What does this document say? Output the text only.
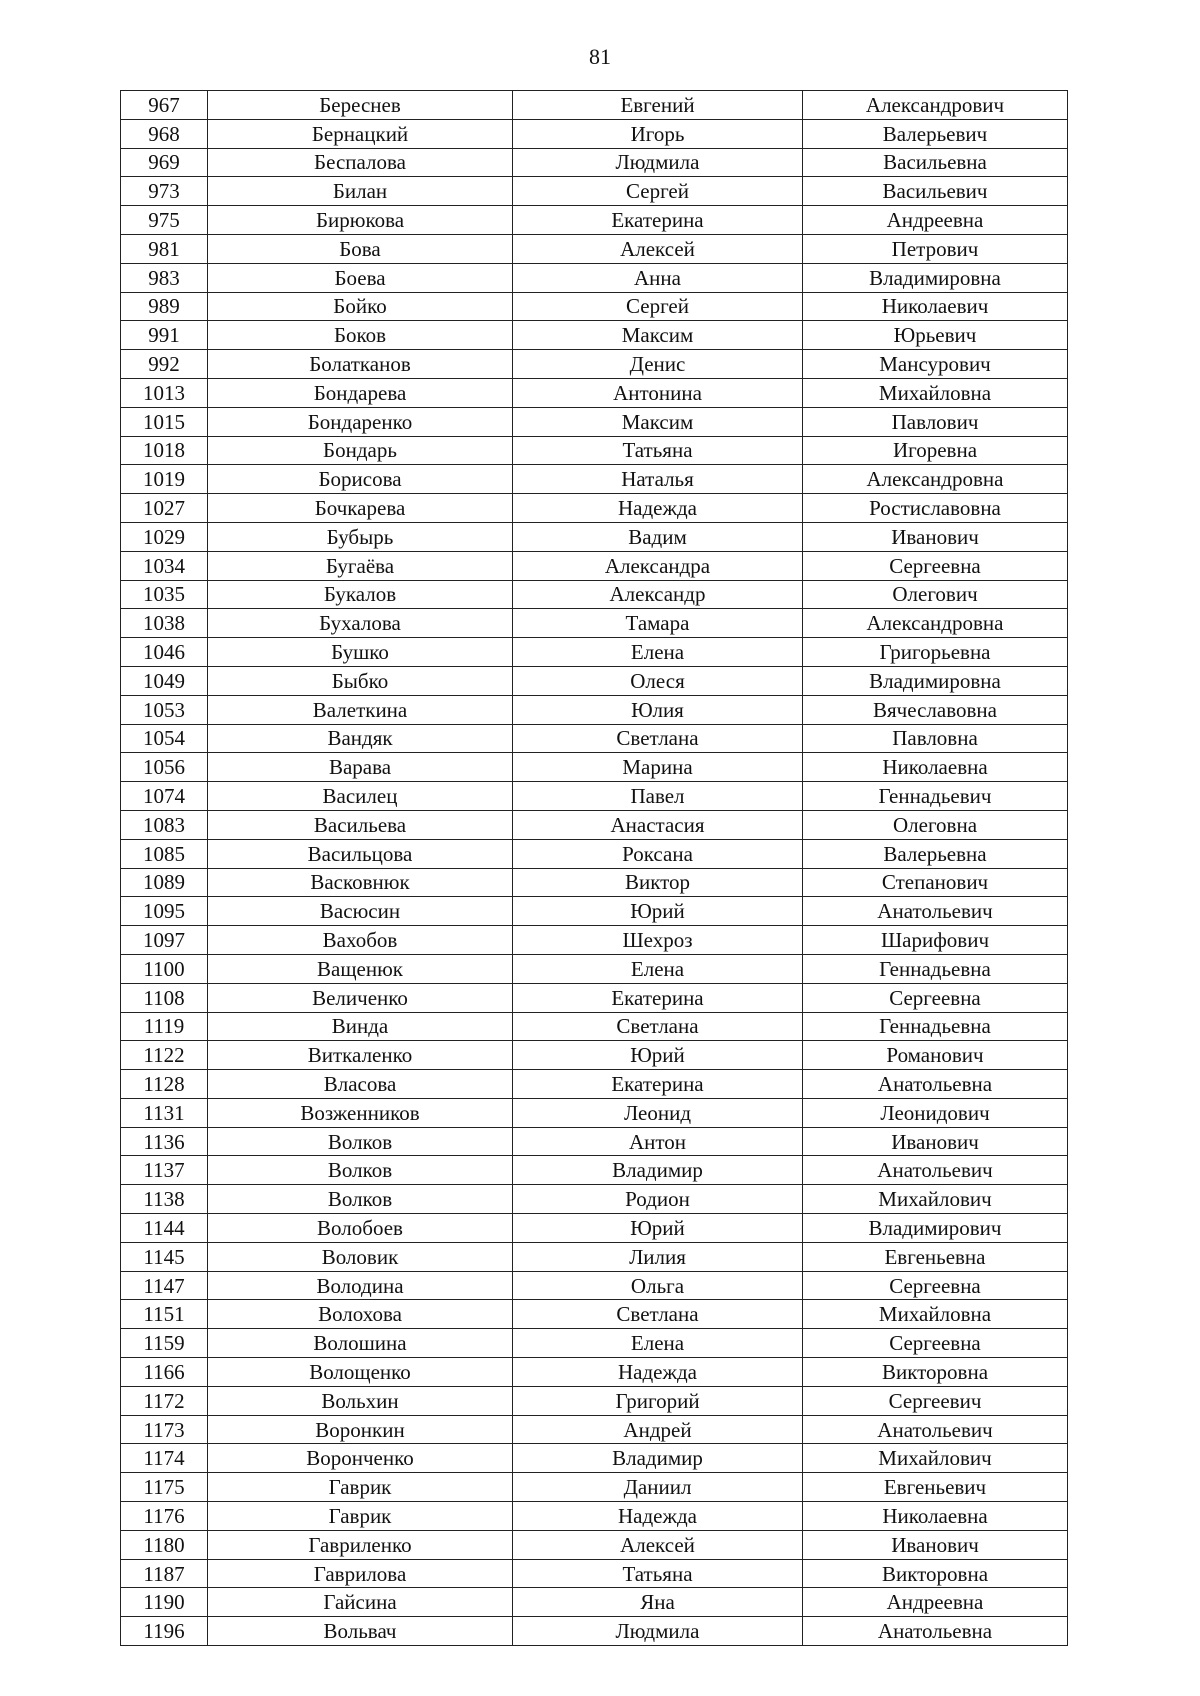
81
967	Береснев	Евгений	Александрович
968	Бернацкий	Игорь	Валерьевич
969	Беспалова	Людмила	Васильевна
973	Билан	Сергей	Васильевич
975	Бирюкова	Екатерина	Андреевна
981	Бова	Алексей	Петрович
983	Боева	Анна	Владимировна
989	Бойко	Сергей	Николаевич
991	Боков	Максим	Юрьевич
992	Болатканов	Денис	Мансурович
1013	Бондарева	Антонина	Михайловна
1015	Бондаренко	Максим	Павлович
1018	Бондарь	Татьяна	Игоревна
1019	Борисова	Наталья	Александровна
1027	Бочкарева	Надежда	Ростиславовна
1029	Бубырь	Вадим	Иванович
1034	Бугаёва	Александра	Сергеевна
1035	Букалов	Александр	Олегович
1038	Бухалова	Тамара	Александровна
1046	Бушко	Елена	Григорьевна
1049	Быбко	Олеся	Владимировна
1053	Валеткина	Юлия	Вячеславовна
1054	Вандяк	Светлана	Павловна
1056	Варава	Марина	Николаевна
1074	Василец	Павел	Геннадьевич
1083	Васильева	Анастасия	Олеговна
1085	Васильцова	Роксана	Валерьевна
1089	Васковнюк	Виктор	Степанович
1095	Васюсин	Юрий	Анатольевич
1097	Вахобов	Шехроз	Шарифович
1100	Ващенюк	Елена	Геннадьевна
1108	Величенко	Екатерина	Сергеевна
1119	Винда	Светлана	Геннадьевна
1122	Виткаленко	Юрий	Романович
1128	Власова	Екатерина	Анатольевна
1131	Возженников	Леонид	Леонидович
1136	Волков	Антон	Иванович
1137	Волков	Владимир	Анатольевич
1138	Волков	Родион	Михайлович
1144	Волобоев	Юрий	Владимирович
1145	Воловик	Лилия	Евгеньевна
1147	Володина	Ольга	Сергеевна
1151	Волохова	Светлана	Михайловна
1159	Волошина	Елена	Сергеевна
1166	Волощенко	Надежда	Викторовна
1172	Вольхин	Григорий	Сергеевич
1173	Воронкин	Андрей	Анатольевич
1174	Воронченко	Владимир	Михайлович
1175	Гаврик	Даниил	Евгеньевич
1176	Гаврик	Надежда	Николаевна
1180	Гавриленко	Алексей	Иванович
1187	Гаврилова	Татьяна	Викторовна
1190	Гайсина	Яна	Андреевна
1196	Вольвач	Людмила	Анатольевна
